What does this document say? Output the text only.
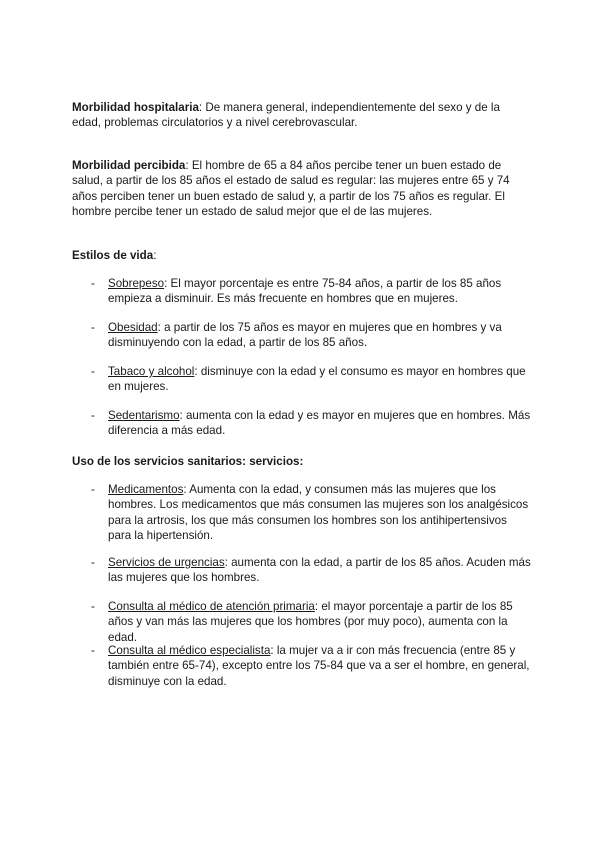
Morbilidad hospitalaria: De manera general, independientemente del sexo y de la edad, problemas circulatorios y a nivel cerebrovascular.

Morbilidad percibida: El hombre de 65 a 84 años percibe tener un buen estado de salud, a partir de los 85 años el estado de salud es regular: las mujeres entre 65 y 74 años perciben tener un buen estado de salud y, a partir de los 75 años es regular. El hombre percibe tener un estado de salud mejor que el de las mujeres.

Estilos de vida:

- Sobrepeso: El mayor porcentaje es entre 75-84 años, a partir de los 85 años empieza a disminuir. Es más frecuente en hombres que en mujeres.
- Obesidad: a partir de los 75 años es mayor en mujeres que en hombres y va disminuyendo con la edad, a partir de los 85 años.
- Tabaco y alcohol: disminuye con la edad y el consumo es mayor en hombres que en mujeres.
- Sedentarismo: aumenta con la edad y es mayor en mujeres que en hombres. Más diferencia a más edad.

Uso de los servicios sanitarios: servicios:

- Medicamentos: Aumenta con la edad, y consumen más las mujeres que los hombres. Los medicamentos que más consumen las mujeres son los analgésicos para la artrosis, los que más consumen los hombres son los antihipertensivos para la hipertensión.
- Servicios de urgencias: aumenta con la edad, a partir de los 85 años. Acuden más las mujeres que los hombres.
- Consulta al médico de atención primaria: el mayor porcentaje a partir de los 85 años y van más las mujeres que los hombres (por muy poco), aumenta con la edad.
- Consulta al médico especialista: la mujer va a ir con más frecuencia (entre 85 y también entre 65-74), excepto entre los 75-84 que va a ser el hombre, en general, disminuye con la edad.
